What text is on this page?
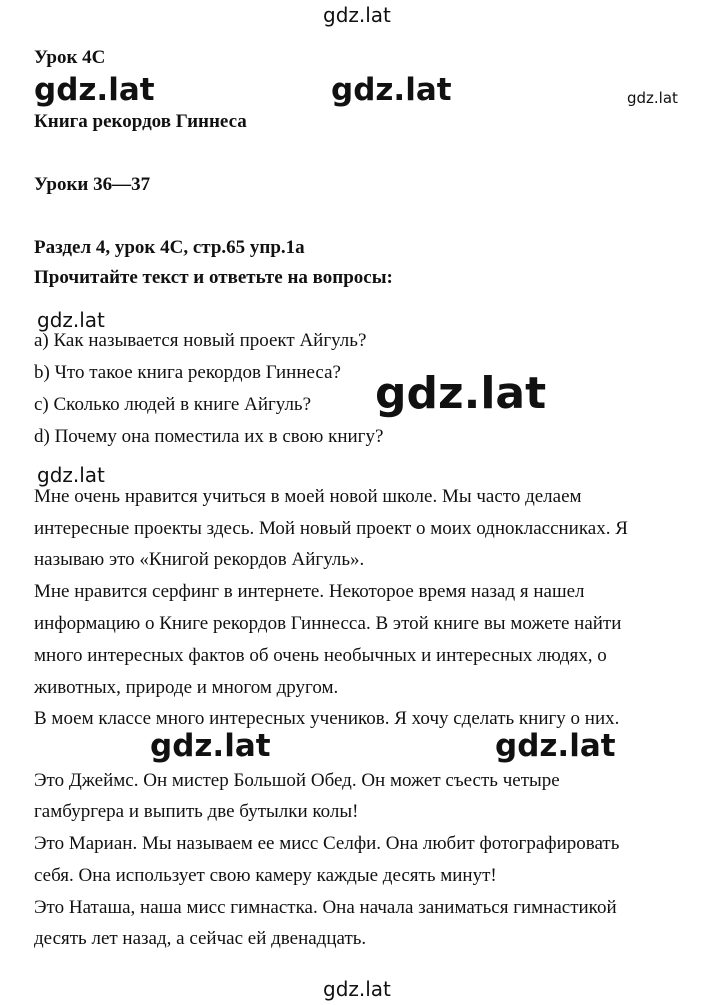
gdz.lat
Урок 4С
gdz.lat	gdz.lat	gdz.lat
Книга рекордов Гиннеса
Уроки 36—37
Раздел 4, урок 4С, стр.65 упр.1а
Прочитайте текст и ответьте на вопросы:
gdz.lat
a) Как называется новый проект Айгуль?
b) Что такое книга рекордов Гиннеса?
c) Сколько людей в книге Айгуль?
d) Почему она поместила их в свою книгу?
gdz.lat
gdz.lat
Мне очень нравится учиться в моей новой школе. Мы часто делаем
интересные проекты здесь. Мой новый проект о моих одноклассниках. Я
называю это «Книгой рекордов Айгуль».
Мне нравится серфинг в интернете. Некоторое время назад я нашел
информацию о Книге рекордов Гиннесса. В этой книге вы можете найти
много интересных фактов об очень необычных и интересных людях, о
животных, природе и многом другом.
В моем классе много интересных учеников. Я хочу сделать книгу о них.
gdz.lat	gdz.lat
Это Джеймс. Он мистер Большой Обед. Он может съесть четыре
гамбургера и выпить две бутылки колы!
Это Мариан. Мы называем ее мисс Селфи. Она любит фотографировать
себя. Она использует свою камеру каждые десять минут!
Это Наташа, наша мисс гимнастка. Она начала заниматься гимнастикой
десять лет назад, а сейчас ей двенадцать.
gdz.lat
